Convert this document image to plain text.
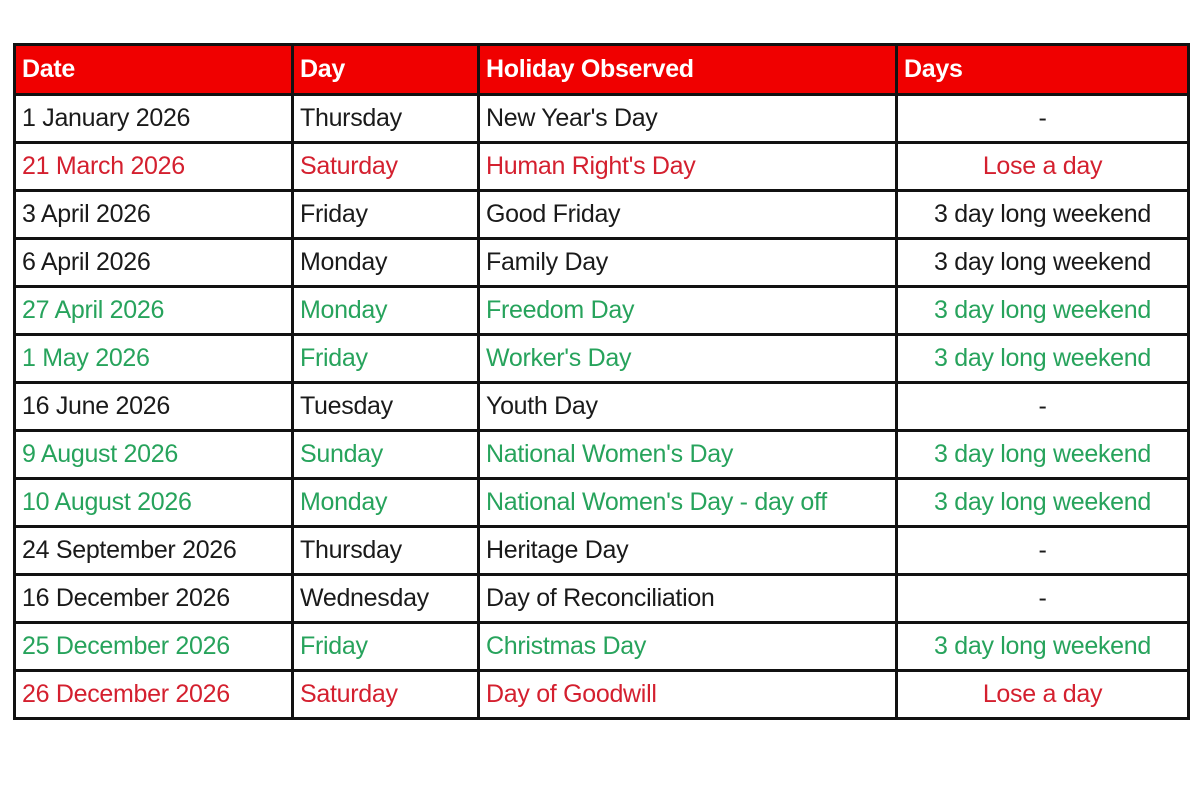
Date	Day	Holiday Observed	Days
1 January 2026	Thursday	New Year's Day	-
21 March 2026	Saturday	Human Right's Day	Lose a day
3 April 2026	Friday	Good Friday	3 day long weekend
6 April 2026	Monday	Family Day	3 day long weekend
27 April 2026	Monday	Freedom Day	3 day long weekend
1 May 2026	Friday	Worker's Day	3 day long weekend
16 June 2026	Tuesday	Youth Day	-
9 August 2026	Sunday	National Women's Day	3 day long weekend
10 August 2026	Monday	National Women's Day - day off	3 day long weekend
24 September 2026	Thursday	Heritage Day	-
16 December 2026	Wednesday	Day of Reconciliation	-
25 December 2026	Friday	Christmas Day	3 day long weekend
26 December 2026	Saturday	Day of Goodwill	Lose a day
